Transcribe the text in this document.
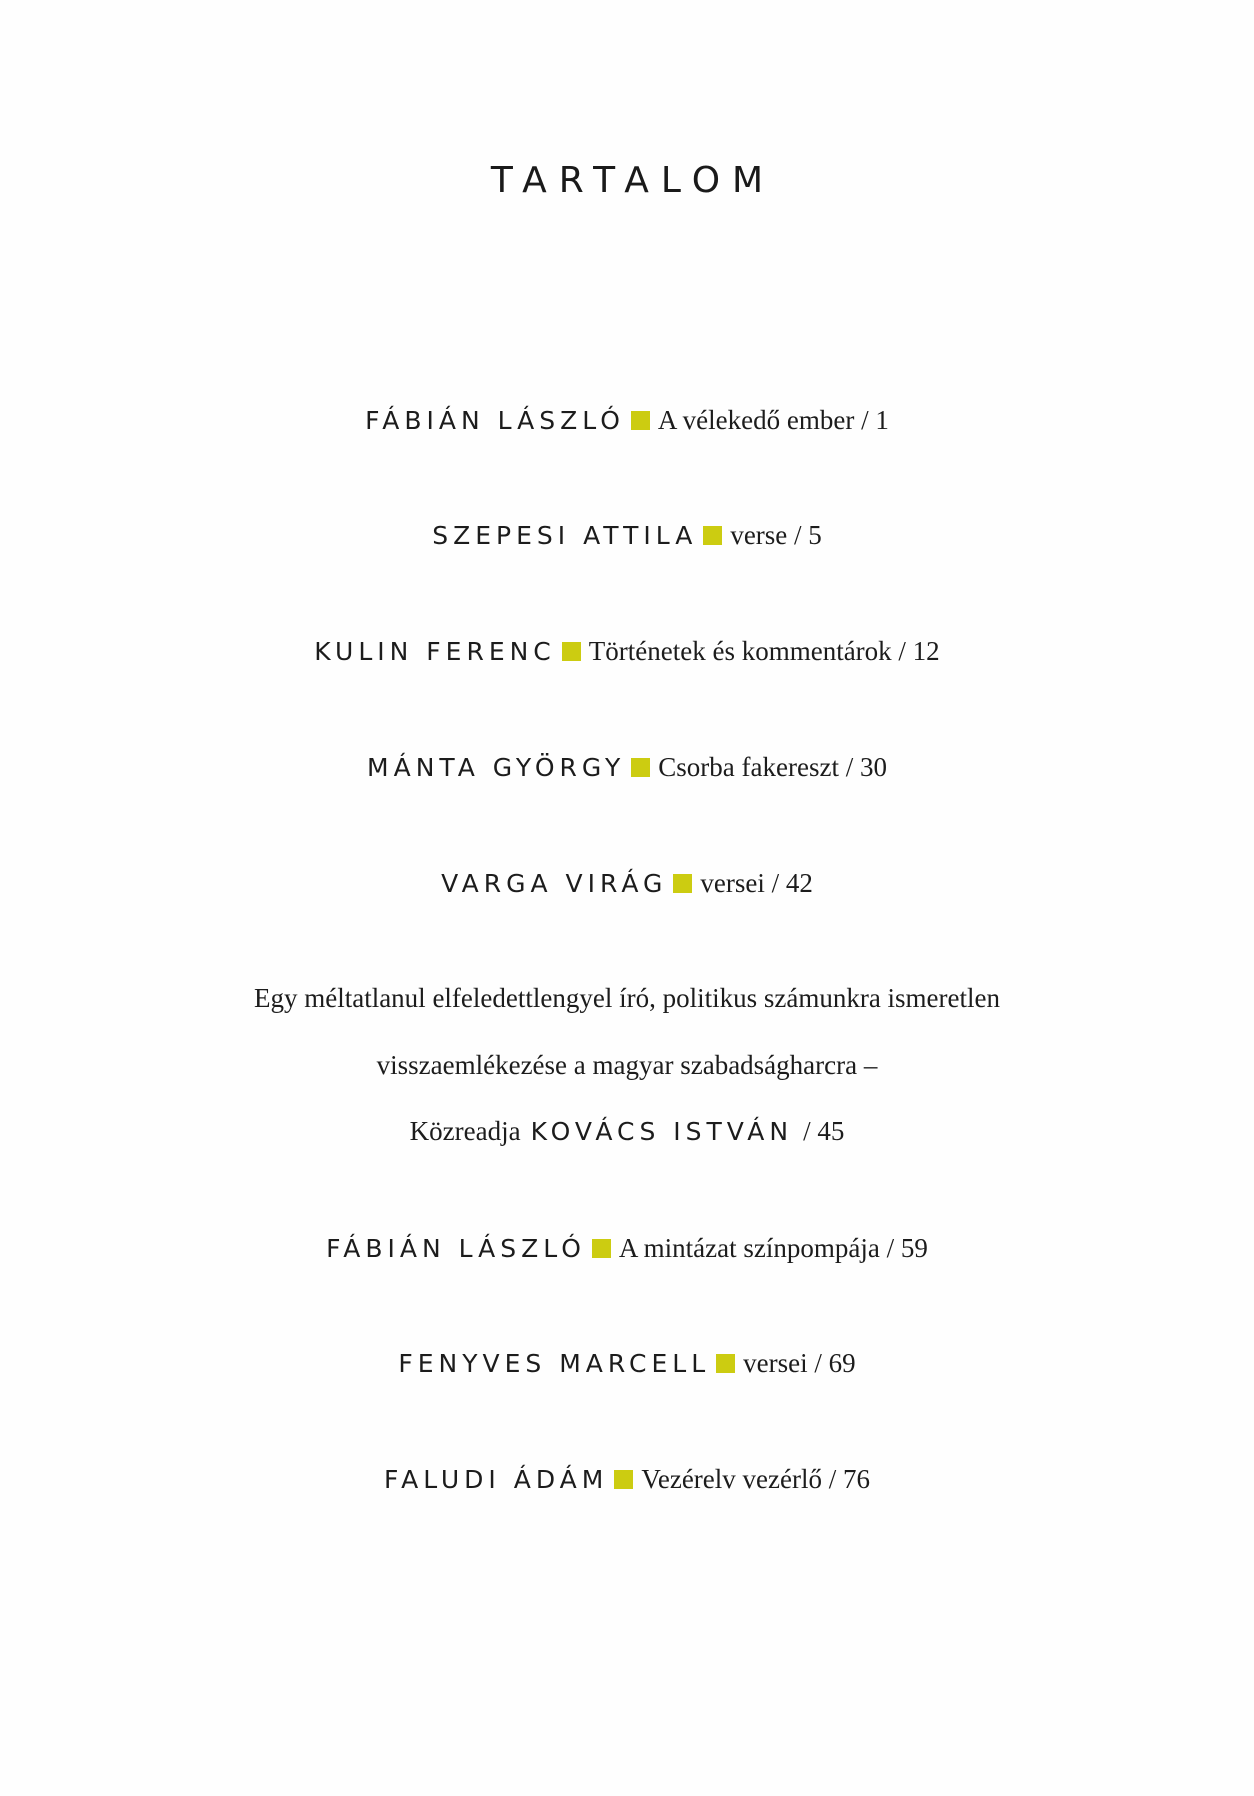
TARTALOM
FÁBIÁN LÁSZLÓ A vélekedő ember / 1
SZEPESI ATTILA verse / 5
KULIN FERENC Történetek és kommentárok / 12
MÁNTA GYÖRGY Csorba fakereszt / 30
VARGA VIRÁG versei / 42
Egy méltatlanul elfeledettlengyel író, politikus számunkra ismeretlen
visszaemlékezése a magyar szabadságharcra –
Közreadja KOVÁCS ISTVÁN / 45
FÁBIÁN LÁSZLÓ A mintázat színpompája / 59
FENYVES MARCELL versei / 69
FALUDI ÁDÁM Vezérelv vezérlő / 76
